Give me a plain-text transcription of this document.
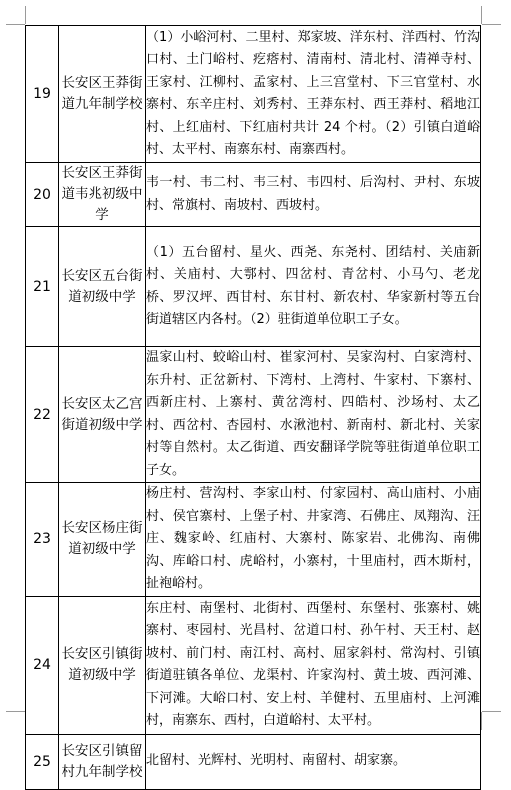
19	长安区王莽街道九年制学校	（1）小峪河村、二里村、郑家坡、洋东村、洋西村、竹沟口村、土门峪村、疙瘩村、清南村、清北村、清禅寺村、王家村、江柳村、孟家村、上三宫堂村、下三官堂村、水寨村、东辛庄村、刘秀村、王莽东村、西王莽村、稻地江村、上红庙村、下红庙村共计 24 个村。（2）引镇白道峪村、太平村、南寨东村、南寨西村。
20	长安区王莽街道韦兆初级中学	韦一村、韦二村、韦三村、韦四村、后沟村、尹村、东坡村、常旗村、南坡村、西坡村。
21	长安区五台街道初级中学	（1）五台留村、星火、西尧、东尧村、团结村、关庙新村、关庙村、大鄠村、四岔村、青岔村、小马勺、老龙桥、罗汉坪、西甘村、东甘村、新农村、华家新村等五台街道辖区内各村。（2）驻街道单位职工子女。
22	长安区太乙宫街道初级中学	温家山村、蛟峪山村、崔家河村、吴家沟村、白家湾村、东升村、正岔新村、下湾村、上湾村、牛家村、下寨村、西新庄村、上寨村、黄岔湾村、四皓村、沙场村、太乙村、西岔村、杏园村、水湫池村、新南村、新北村、关家村等自然村。太乙街道、西安翻译学院等驻街道单位职工子女。
23	长安区杨庄街道初级中学	杨庄村、营沟村、李家山村、付家园村、高山庙村、小庙村、侯官寨村、上堡子村、井家湾、石佛庄、凤翔沟、汪庄、魏家岭、红庙村、大寨村、陈家岩、北佛沟、南佛沟、库峪口村、虎峪村，小寨村，十里庙村，西木斯村，扯袍峪村。
24	长安区引镇街道初级中学	东庄村、南堡村、北街村、西堡村、东堡村、张寨村、姚寨村、枣园村、光昌村、岔道口村、孙午村、天王村、赵坡村、前门村、南江村、高村、屈家斜村、常沟村、引镇街道驻镇各单位、龙渠村、许家沟村、黄土坡、西河滩、下河滩。大峪口村、安上村、羊健村、五里庙村、上河滩村，南寨东、西村，白道峪村、太平村。
25	长安区引镇留村九年制学校	北留村、光辉村、光明村、南留村、胡家寨。
